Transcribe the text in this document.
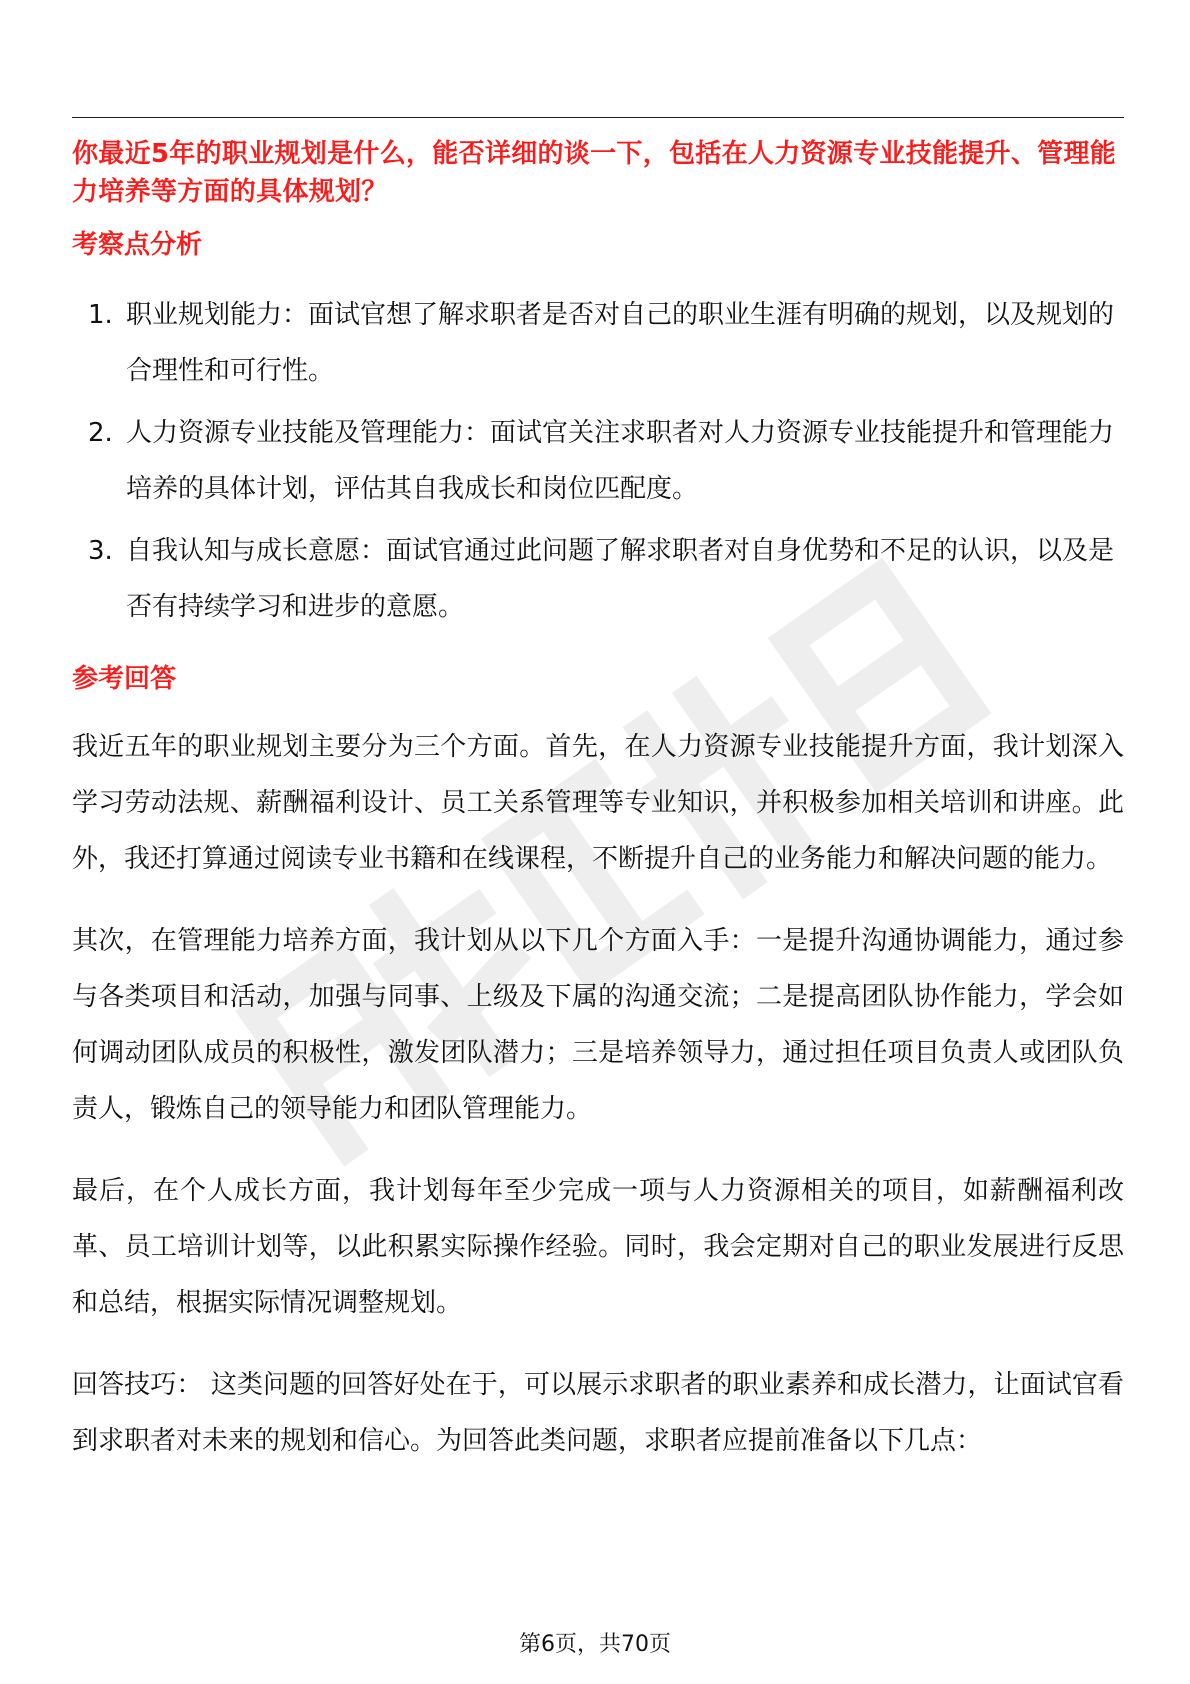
你最近5年的职业规划是什么，能否详细的谈一下，包括在人力资源专业技能提升、管理能力培养等方面的具体规划？

考察点分析
1. 职业规划能力：面试官想了解求职者是否对自己的职业生涯有明确的规划，以及规划的合理性和可行性。
2. 人力资源专业技能及管理能力：面试官关注求职者对人力资源专业技能提升和管理能力培养的具体计划，评估其自我成长和岗位匹配度。
3. 自我认知与成长意愿：面试官通过此问题了解求职者对自身优势和不足的认识，以及是否有持续学习和进步的意愿。
参考回答

我近五年的职业规划主要分为三个方面。首先，在人力资源专业技能提升方面，我计划深入学习劳动法规、薪酬福利设计、员工关系管理等专业知识，并积极参加相关培训和讲座。此外，我还打算通过阅读专业书籍和在线课程，不断提升自己的业务能力和解决问题的能力。

其次，在管理能力培养方面，我计划从以下几个方面入手：一是提升沟通协调能力，通过参与各类项目和活动，加强与同事、上级及下属的沟通交流；二是提高团队协作能力，学会如何调动团队成员的积极性，激发团队潜力；三是培养领导力，通过担任项目负责人或团队负责人，锻炼自己的领导能力和团队管理能力。

最后，在个人成长方面，我计划每年至少完成一项与人力资源相关的项目，如薪酬福利改革、员工培训计划等，以此积累实际操作经验。同时，我会定期对自己的职业发展进行反思和总结，根据实际情况调整规划。

回答技巧： 这类问题的回答好处在于，可以展示求职者的职业素养和成长潜力，让面试官看到求职者对未来的规划和信心。为回答此类问题，求职者应提前准备以下几点：

第6页，共70页
